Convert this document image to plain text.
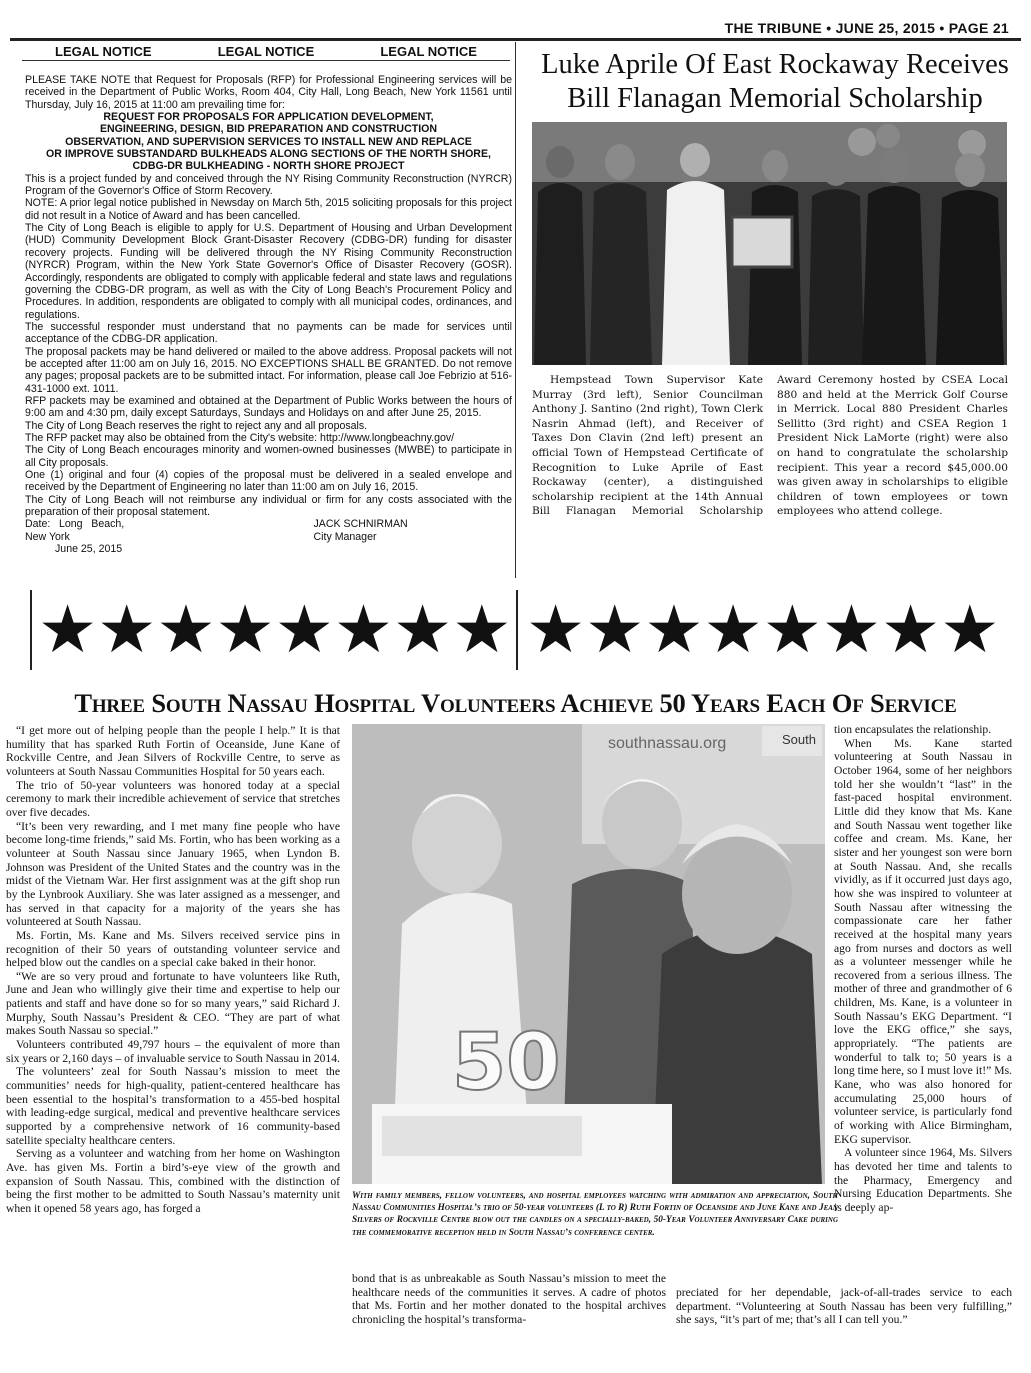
THE TRIBUNE • JUNE 25, 2015 • PAGE 21
LEGAL NOTICE	LEGAL NOTICE	LEGAL NOTICE

PLEASE TAKE NOTE that Request for Proposals (RFP) for Professional Engineering services will be received in the Department of Public Works, Room 404, City Hall, Long Beach, New York 11561 until Thursday, July 16, 2015 at 11:00 am prevailing time for:

REQUEST FOR PROPOSALS FOR APPLICATION DEVELOPMENT,

ENGINEERING, DESIGN, BID PREPARATION AND CONSTRUCTION

OBSERVATION, AND SUPERVISION SERVICES TO INSTALL NEW AND REPLACE

OR IMPROVE SUBSTANDARD BULKHEADS ALONG SECTIONS OF THE NORTH SHORE,

CDBG-DR BULKHEADING - NORTH SHORE PROJECT

This is a project funded by and conceived through the NY Rising Community Reconstruction (NYRCR) Program of the Governor's Office of Storm Recovery.

NOTE: A prior legal notice published in Newsday on March 5th, 2015 soliciting proposals for this project did not result in a Notice of Award and has been cancelled.

The City of Long Beach is eligible to apply for U.S. Department of Housing and Urban Development (HUD) Community Development Block Grant-Disaster Recovery (CDBG-DR) funding for disaster recovery projects. Funding will be delivered through the NY Rising Community Reconstruction (NYRCR) Program, within the New York State Governor's Office of Disaster Recovery (GOSR). Accordingly, respondents are obligated to comply with applicable federal and state laws and regulations governing the CDBG-DR program, as well as with the City of Long Beach's Procurement Policy and Procedures. In addition, respondents are obligated to comply with all municipal codes, ordinances, and regulations.

The successful responder must understand that no payments can be made for services until acceptance of the CDBG-DR application.

The proposal packets may be hand delivered or mailed to the above address. Proposal packets will not be accepted after 11:00 am on July 16, 2015. NO EXCEPTIONS SHALL BE GRANTED. Do not remove any pages; proposal packets are to be submitted intact. For information, please call Joe Febrizio at 516-431-1000 ext. 1011.

RFP packets may be examined and obtained at the Department of Public Works between the hours of 9:00 am and 4:30 pm, daily except Saturdays, Sundays and Holidays on and after June 25, 2015.

The City of Long Beach reserves the right to reject any and all proposals.

The RFP packet may also be obtained from the City's website: http://www.longbeachny.gov/

The City of Long Beach encourages minority and women-owned businesses (MWBE) to participate in all City proposals.

One (1) original and four (4) copies of the proposal must be delivered in a sealed envelope and received by the Department of Engineering no later than 11:00 am on July 16, 2015.

The City of Long Beach will not reimburse any individual or firm for any costs associated with the preparation of their proposal statement.

Date: Long Beach, New York
June 25, 2015
JACK SCHNIRMAN
City Manager
Luke Aprile Of East Rockaway Receives Bill Flanagan Memorial Scholarship

Hempstead Town Supervisor Kate Murray (3rd left), Senior Councilman Anthony J. Santino (2nd right), Town Clerk Nasrin Ahmad (left), and Receiver of Taxes Don Clavin (2nd left) present an official Town of Hempstead Certificate of Recognition to Luke Aprile of East Rockaway (center), a distinguished scholarship recipient at the 14th Annual Bill Flanagan Memorial Scholarship Award Ceremony hosted by CSEA Local 880 and held at the Merrick Golf Course in Merrick. Local 880 President Charles Sellitto (3rd right) and CSEA Region 1 President Nick LaMorte (right) were also on hand to congratulate the scholarship recipient. This year a record $45,000.00 was given away in scholarships to eligible children of town employees or town employees who attend college.

★ ★ ★ ★ ★ ★ ★ ★ ★ ★ ★ ★ ★ ★ ★ ★
Three South Nassau Hospital Volunteers Achieve 50 Years Each Of Service

“I get more out of helping people than the people I help.” It is that humility that has sparked Ruth Fortin of Oceanside, June Kane of Rockville Centre, and Jean Silvers of Rockville Centre, to serve as volunteers at South Nassau Communities Hospital for 50 years each.

The trio of 50-year volunteers was honored today at a special ceremony to mark their incredible achievement of service that stretches over five decades.

“It’s been very rewarding, and I met many fine people who have become long-time friends,” said Ms. Fortin, who has been working as a volunteer at South Nassau since January 1965, when Lyndon B. Johnson was President of the United States and the country was in the midst of the Vietnam War. Her first assignment was at the gift shop run by the Lynbrook Auxiliary. She was later assigned as a messenger, and has served in that capacity for a majority of the years she has volunteered at South Nassau.

Ms. Fortin, Ms. Kane and Ms. Silvers received service pins in recognition of their 50 years of outstanding volunteer service and helped blow out the candles on a special cake baked in their honor.

“We are so very proud and fortunate to have volunteers like Ruth, June and Jean who willingly give their time and expertise to help our patients and staff and have done so for so many years,” said Richard J. Murphy, South Nassau’s President & CEO. “They are part of what makes South Nassau so special.”

Volunteers contributed 49,797 hours – the equivalent of more than six years or 2,160 days – of invaluable service to South Nassau in 2014.

The volunteers’ zeal for South Nassau’s mission to meet the communities’ needs for high-quality, patient-centered healthcare has been essential to the hospital’s transformation to a 455-bed hospital with leading-edge surgical, medical and preventive healthcare services supported by a comprehensive network of 16 community-based satellite specialty healthcare centers.

Serving as a volunteer and watching from her home on Washington Ave. has given Ms. Fortin a bird’s-eye view of the growth and expansion of South Nassau. This, combined with the distinction of being the first mother to be admitted to South Nassau’s maternity unit when it opened 58 years ago, has forged a

southnassau.org	South
50
With family members, fellow volunteers, and hospital employees watching with admiration and appreciation, South Nassau Communities Hospital’s trio of 50-year volunteers (L to R) Ruth Fortin of Oceanside and June Kane and Jean Silvers of Rockville Centre blow out the candles on a specially-baked, 50-Year Volunteer Anniversary Cake during the commemorative reception held in South Nassau’s conference center.

bond that is as unbreakable as South Nassau’s mission to meet the healthcare needs of the communities it serves. A cadre of photos that Ms. Fortin and her mother donated to the hospital archives chronicling the hospital’s transforma-

tion encapsulates the relationship.

When Ms. Kane started volunteering at South Nassau in October 1964, some of her neighbors told her she wouldn’t “last” in the fast-paced hospital environment. Little did they know that Ms. Kane and South Nassau went together like coffee and cream. Ms. Kane, her sister and her youngest son were born at South Nassau. And, she recalls vividly, as if it occurred just days ago, how she was inspired to volunteer at South Nassau after witnessing the compassionate care her father received at the hospital many years ago from nurses and doctors as well as a volunteer messenger while he recovered from a serious illness. The mother of three and grandmother of 6 children, Ms. Kane, is a volunteer in South Nassau’s EKG Department. “I love the EKG office,” she says, appropriately. “The patients are wonderful to talk to; 50 years is a long time here, so I must love it!” Ms. Kane, who was also honored for accumulating 25,000 hours of volunteer service, is particularly fond of working with Alice Birmingham, EKG supervisor.

A volunteer since 1964, Ms. Silvers has devoted her time and talents to the Pharmacy, Emergency and Nursing Education Departments. She is deeply ap-

preciated for her dependable, jack-of-all-trades service to each department. “Volunteering at South Nassau has been very fulfilling,” she says, “it’s part of me; that’s all I can tell you.”
